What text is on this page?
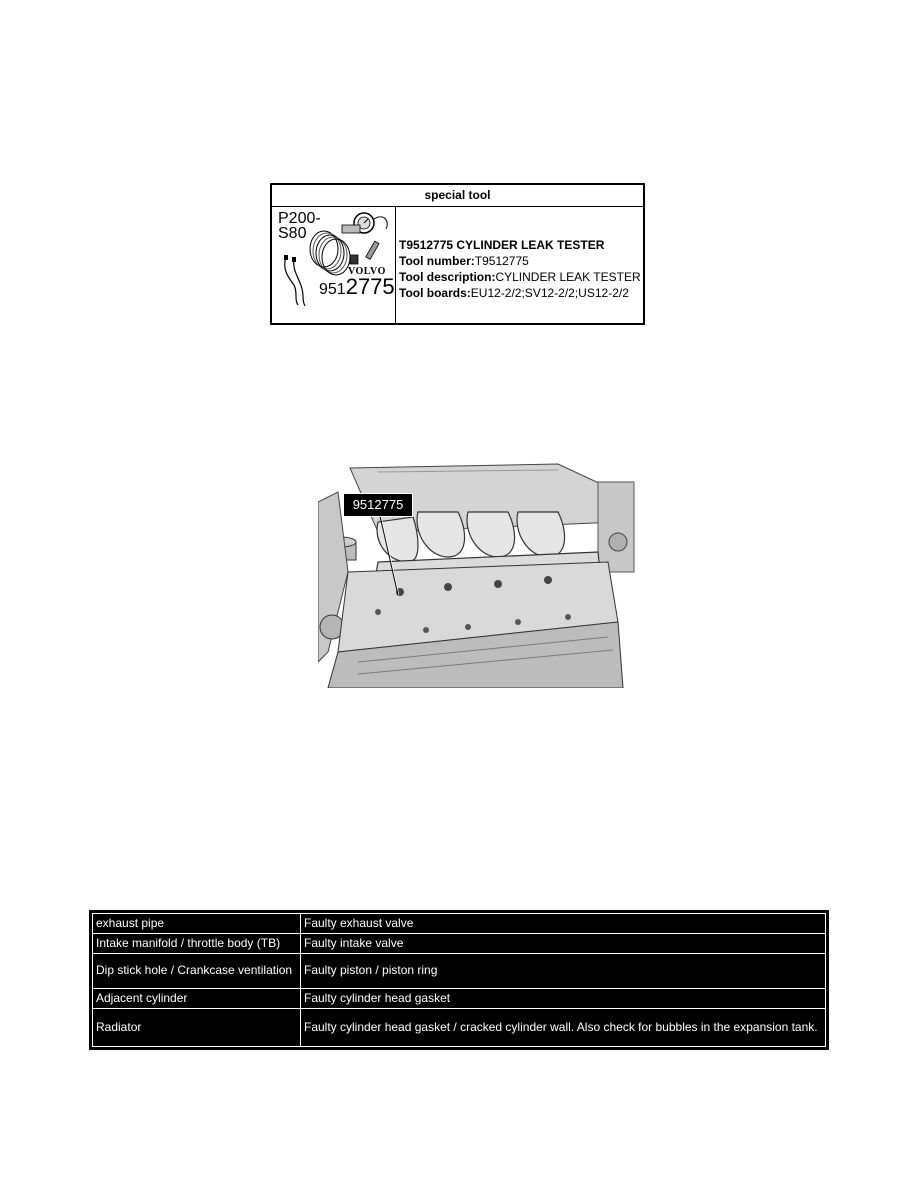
special tool
P200-
S80
VOLVO
9512775
T9512775 CYLINDER LEAK TESTER
Tool number:T9512775
Tool description:CYLINDER LEAK TESTER
Tool boards:EU12-2/2;SV12-2/2;US12-2/2
9512775
exhaust pipe	Faulty exhaust valve
Intake manifold / throttle body (TB)	Faulty intake valve
Dip stick hole / Crankcase ventilation	Faulty piston / piston ring
Adjacent cylinder	Faulty cylinder head gasket
Radiator	Faulty cylinder head gasket / cracked cylinder wall. Also check for bubbles in the expansion tank.
